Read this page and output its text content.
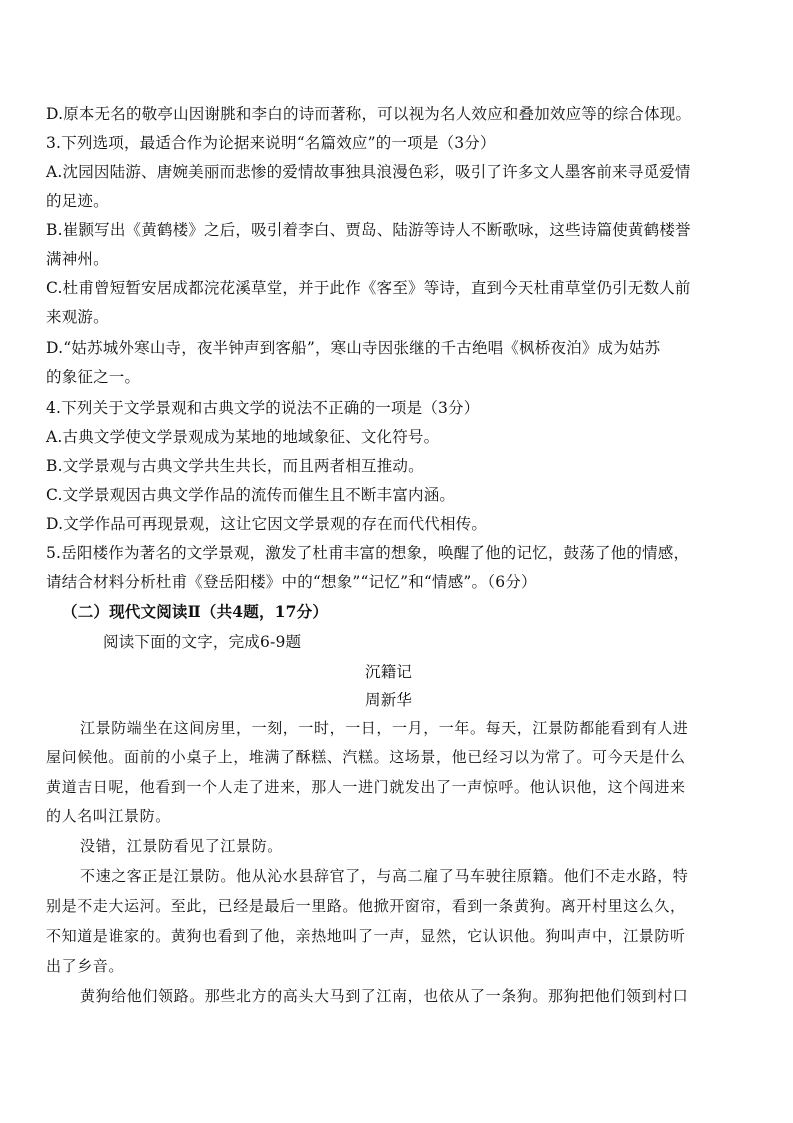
D.原本无名的敬亭山因谢朓和李白的诗而著称，可以视为名人效应和叠加效应等的综合体现。
3.下列选项，最适合作为论据来说明“名篇效应”的一项是（3分）
A.沈园因陆游、唐婉美丽而悲惨的爱情故事独具浪漫色彩，吸引了许多文人墨客前来寻觅爱情
的足迹。
B.崔颢写出《黄鹤楼》之后，吸引着李白、贾岛、陆游等诗人不断歌咏，这些诗篇使黄鹤楼誉
满神州。
C.杜甫曾短暂安居成都浣花溪草堂，并于此作《客至》等诗，直到今天杜甫草堂仍引无数人前
来观游。
D.“姑苏城外寒山寺，夜半钟声到客船”，寒山寺因张继的千古绝唱《枫桥夜泊》成为姑苏
的象征之一。
4.下列关于文学景观和古典文学的说法不正确的一项是（3分）
A.古典文学使文学景观成为某地的地域象征、文化符号。
B.文学景观与古典文学共生共长，而且两者相互推动。
C.文学景观因古典文学作品的流传而催生且不断丰富内涵。
D.文学作品可再现景观，这让它因文学景观的存在而代代相传。
5.岳阳楼作为著名的文学景观，激发了杜甫丰富的想象，唤醒了他的记忆，鼓荡了他的情感，
请结合材料分析杜甫《登岳阳楼》中的“想象”“记忆”和“情感”。（6分）
（二）现代文阅读Ⅱ（共4题，17分）
阅读下面的文字，完成6-9题
沉籍记
周新华
江景防端坐在这间房里，一刻，一时，一日，一月，一年。每天，江景防都能看到有人进
屋问候他。面前的小桌子上，堆满了酥糕、汽糕。这场景，他已经习以为常了。可今天是什么
黄道吉日呢，他看到一个人走了进来，那人一进门就发出了一声惊呼。他认识他，这个闯进来
的人名叫江景防。
没错，江景防看见了江景防。
不速之客正是江景防。他从沁水县辞官了，与高二雇了马车驶往原籍。他们不走水路，特
别是不走大运河。至此，已经是最后一里路。他掀开窗帘，看到一条黄狗。离开村里这么久，
不知道是谁家的。黄狗也看到了他，亲热地叫了一声，显然，它认识他。狗叫声中，江景防听
出了乡音。
黄狗给他们领路。那些北方的高头大马到了江南，也依从了一条狗。那狗把他们领到村口
